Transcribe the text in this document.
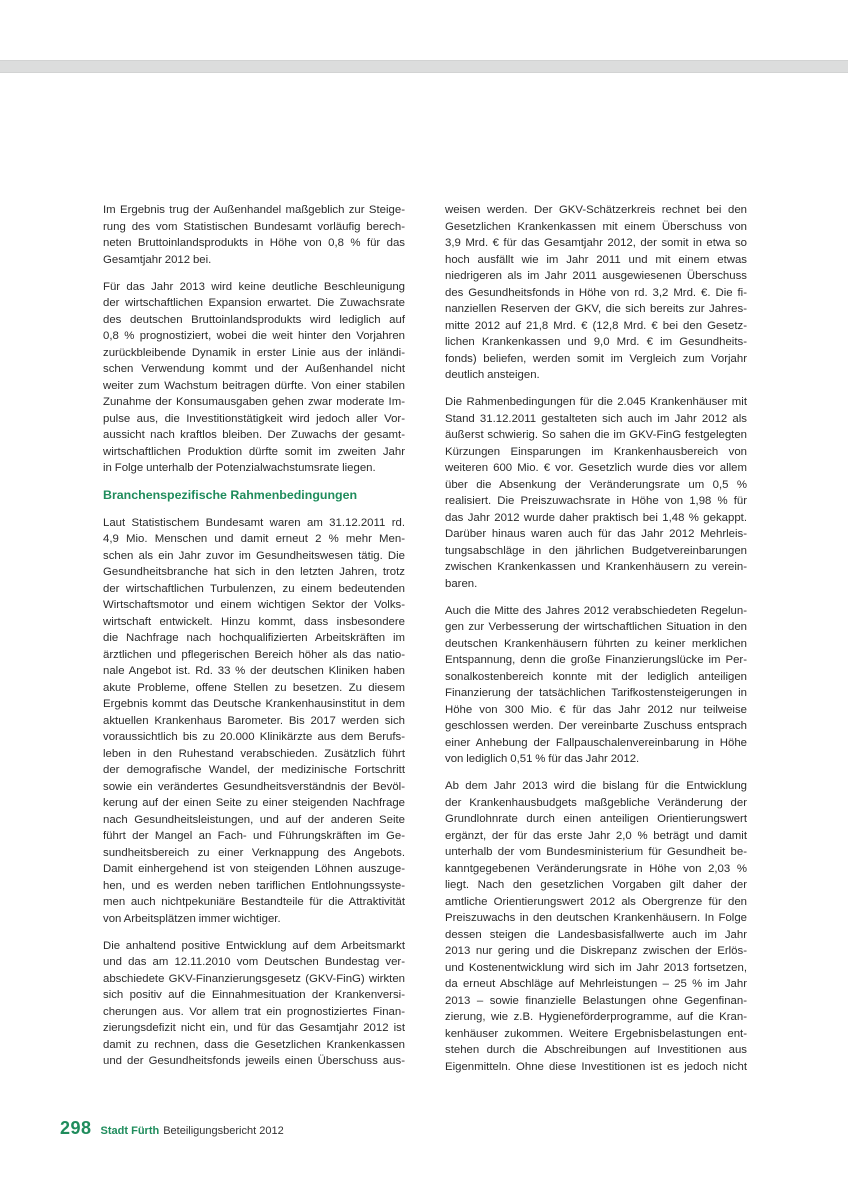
Im Ergebnis trug der Außenhandel maßgeblich zur Steige-
rung des vom Statistischen Bundesamt vorläufig berech-
neten Bruttoinlandsprodukts in Höhe von 0,8 % für das
Gesamtjahr 2012 bei.
Für das Jahr 2013 wird keine deutliche Beschleunigung
der wirtschaftlichen Expansion erwartet. Die Zuwachsrate
des deutschen Bruttoinlandsprodukts wird lediglich auf
0,8 % prognostiziert, wobei die weit hinter den Vorjahren
zurückbleibende Dynamik in erster Linie aus der inländi-
schen Verwendung kommt und der Außenhandel nicht
weiter zum Wachstum beitragen dürfte. Von einer stabilen
Zunahme der Konsumausgaben gehen zwar moderate Im-
pulse aus, die Investitionstätigkeit wird jedoch aller Vor-
aussicht nach kraftlos bleiben. Der Zuwachs der gesamt-
wirtschaftlichen Produktion dürfte somit im zweiten Jahr
in Folge unterhalb der Potenzialwachstumsrate liegen.
Branchenspezifische Rahmenbedingungen
Laut Statistischem Bundesamt waren am 31.12.2011 rd.
4,9 Mio. Menschen und damit erneut 2 % mehr Men-
schen als ein Jahr zuvor im Gesundheitswesen tätig. Die
Gesundheitsbranche hat sich in den letzten Jahren, trotz
der wirtschaftlichen Turbulenzen, zu einem bedeutenden
Wirtschaftsmotor und einem wichtigen Sektor der Volks-
wirtschaft entwickelt. Hinzu kommt, dass insbesondere
die Nachfrage nach hochqualifizierten Arbeitskräften im
ärztlichen und pflegerischen Bereich höher als das natio-
nale Angebot ist. Rd. 33 % der deutschen Kliniken haben
akute Probleme, offene Stellen zu besetzen. Zu diesem
Ergebnis kommt das Deutsche Krankenhausinstitut in dem
aktuellen Krankenhaus Barometer. Bis 2017 werden sich
voraussichtlich bis zu 20.000 Klinikärzte aus dem Berufs-
leben in den Ruhestand verabschieden. Zusätzlich führt
der demografische Wandel, der medizinische Fortschritt
sowie ein verändertes Gesundheitsverständnis der Bevöl-
kerung auf der einen Seite zu einer steigenden Nachfrage
nach Gesundheitsleistungen, und auf der anderen Seite
führt der Mangel an Fach- und Führungskräften im Ge-
sundheitsbereich zu einer Verknappung des Angebots.
Damit einhergehend ist von steigenden Löhnen auszuge-
hen, und es werden neben tariflichen Entlohnungssyste-
men auch nichtpekuniäre Bestandteile für die Attraktivität
von Arbeitsplätzen immer wichtiger.
Die anhaltend positive Entwicklung auf dem Arbeitsmarkt
und das am 12.11.2010 vom Deutschen Bundestag ver-
abschiedete GKV-Finanzierungsgesetz (GKV-FinG) wirkten
sich positiv auf die Einnahmesituation der Krankenversi-
cherungen aus. Vor allem trat ein prognostiziertes Finan-
zierungsdefizit nicht ein, und für das Gesamtjahr 2012 ist
damit zu rechnen, dass die Gesetzlichen Krankenkassen
und der Gesundheitsfonds jeweils einen Überschuss aus-
weisen werden. Der GKV-Schätzerkreis rechnet bei den
Gesetzlichen Krankenkassen mit einem Überschuss von
3,9 Mrd. € für das Gesamtjahr 2012, der somit in etwa so
hoch ausfällt wie im Jahr 2011 und mit einem etwas
niedrigeren als im Jahr 2011 ausgewiesenen Überschuss
des Gesundheitsfonds in Höhe von rd. 3,2 Mrd. €. Die fi-
nanziellen Reserven der GKV, die sich bereits zur Jahres-
mitte 2012 auf 21,8 Mrd. € (12,8 Mrd. € bei den Gesetz-
lichen Krankenkassen und 9,0 Mrd. € im Gesundheits-
fonds) beliefen, werden somit im Vergleich zum Vorjahr
deutlich ansteigen.
Die Rahmenbedingungen für die 2.045 Krankenhäuser mit
Stand 31.12.2011 gestalteten sich auch im Jahr 2012 als
äußerst schwierig. So sahen die im GKV-FinG festgelegten
Kürzungen Einsparungen im Krankenhausbereich von
weiteren 600 Mio. € vor. Gesetzlich wurde dies vor allem
über die Absenkung der Veränderungsrate um 0,5 %
realisiert. Die Preiszuwachsrate in Höhe von 1,98 % für
das Jahr 2012 wurde daher praktisch bei 1,48 % gekappt.
Darüber hinaus waren auch für das Jahr 2012 Mehrleis-
tungsabschläge in den jährlichen Budgetvereinbarungen
zwischen Krankenkassen und Krankenhäusern zu verein-
baren.
Auch die Mitte des Jahres 2012 verabschiedeten Regelun-
gen zur Verbesserung der wirtschaftlichen Situation in den
deutschen Krankenhäusern führten zu keiner merklichen
Entspannung, denn die große Finanzierungslücke im Per-
sonalkostenbereich konnte mit der lediglich anteiligen
Finanzierung der tatsächlichen Tarifkostensteigerungen in
Höhe von 300 Mio. € für das Jahr 2012 nur teilweise
geschlossen werden. Der vereinbarte Zuschuss entsprach
einer Anhebung der Fallpauschalenvereinbarung in Höhe
von lediglich 0,51 % für das Jahr 2012.
Ab dem Jahr 2013 wird die bislang für die Entwicklung
der Krankenhausbudgets maßgebliche Veränderung der
Grundlohnrate durch einen anteiligen Orientierungswert
ergänzt, der für das erste Jahr 2,0 % beträgt und damit
unterhalb der vom Bundesministerium für Gesundheit be-
kanntgegebenen Veränderungsrate in Höhe von 2,03 %
liegt. Nach den gesetzlichen Vorgaben gilt daher der
amtliche Orientierungswert 2012 als Obergrenze für den
Preiszuwachs in den deutschen Krankenhäusern. In Folge
dessen steigen die Landesbasisfallwerte auch im Jahr
2013 nur gering und die Diskrepanz zwischen der Erlös-
und Kostenentwicklung wird sich im Jahr 2013 fortsetzen,
da erneut Abschläge auf Mehrleistungen – 25 % im Jahr
2013 – sowie finanzielle Belastungen ohne Gegenfinan-
zierung, wie z.B. Hygieneförderprogramme, auf die Kran-
kenhäuser zukommen. Weitere Ergebnisbelastungen ent-
stehen durch die Abschreibungen auf Investitionen aus
Eigenmitteln. Ohne diese Investitionen ist es jedoch nicht
298 Stadt Fürth Beteiligungsbericht 2012
